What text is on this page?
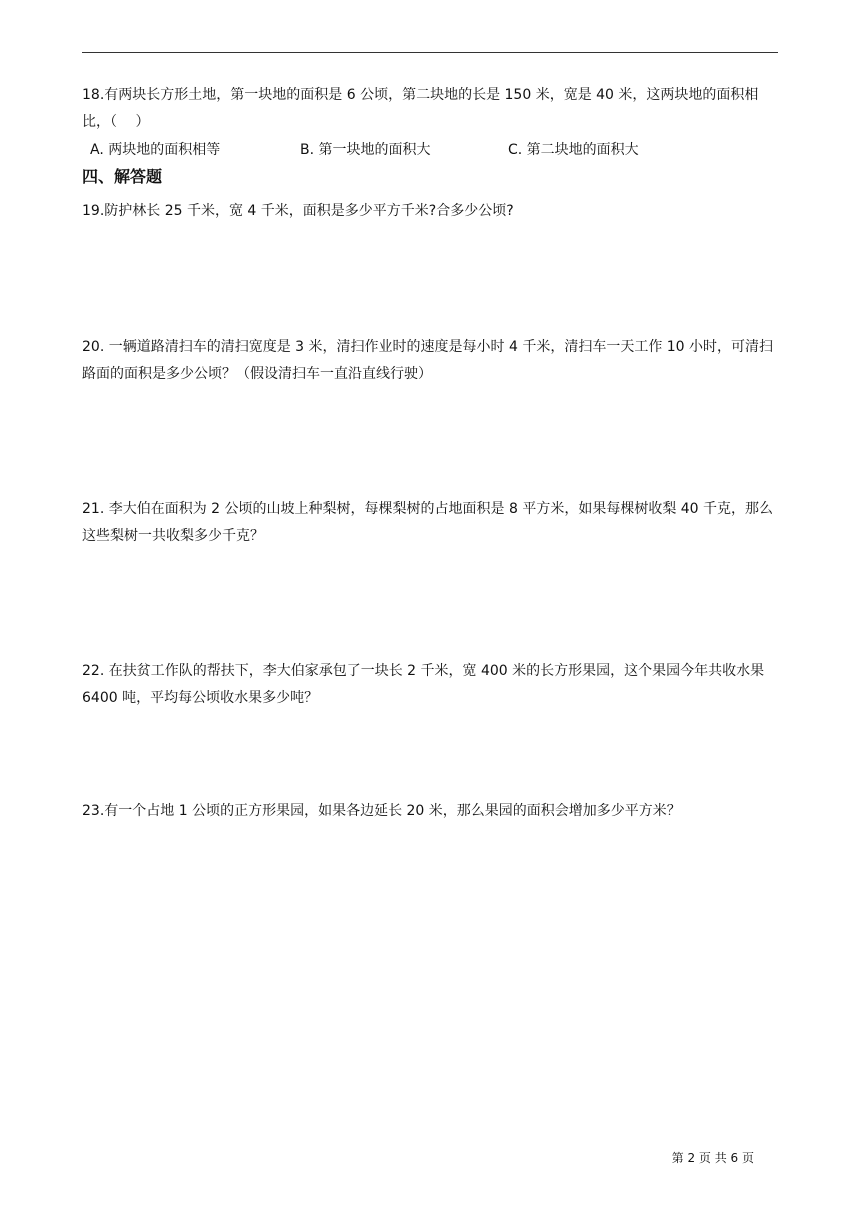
18.有两块长方形土地，第一块地的面积是 6 公顷，第二块地的长是 150 米，宽是 40 米，这两块地的面积相比，（　 ）

A. 两块地的面积相等	B. 第一块地的面积大	C. 第二块地的面积大
四、解答题

19.防护林长 25 千米，宽 4 千米，面积是多少平方千米?合多少公顷?

20. 一辆道路清扫车的清扫宽度是 3 米，清扫作业时的速度是每小时 4 千米，清扫车一天工作 10 小时，可清扫路面的面积是多少公顷？（假设清扫车一直沿直线行驶）

21. 李大伯在面积为 2 公顷的山坡上种梨树，每棵梨树的占地面积是 8 平方米，如果每棵树收梨 40 千克，那么这些梨树一共收梨多少千克？

22. 在扶贫工作队的帮扶下，李大伯家承包了一块长 2 千米，宽 400 米的长方形果园，这个果园今年共收水果 6400 吨，平均每公顷收水果多少吨？

23.有一个占地 1 公顷的正方形果园，如果各边延长 20 米，那么果园的面积会增加多少平方米？

第 2 页 共 6 页
